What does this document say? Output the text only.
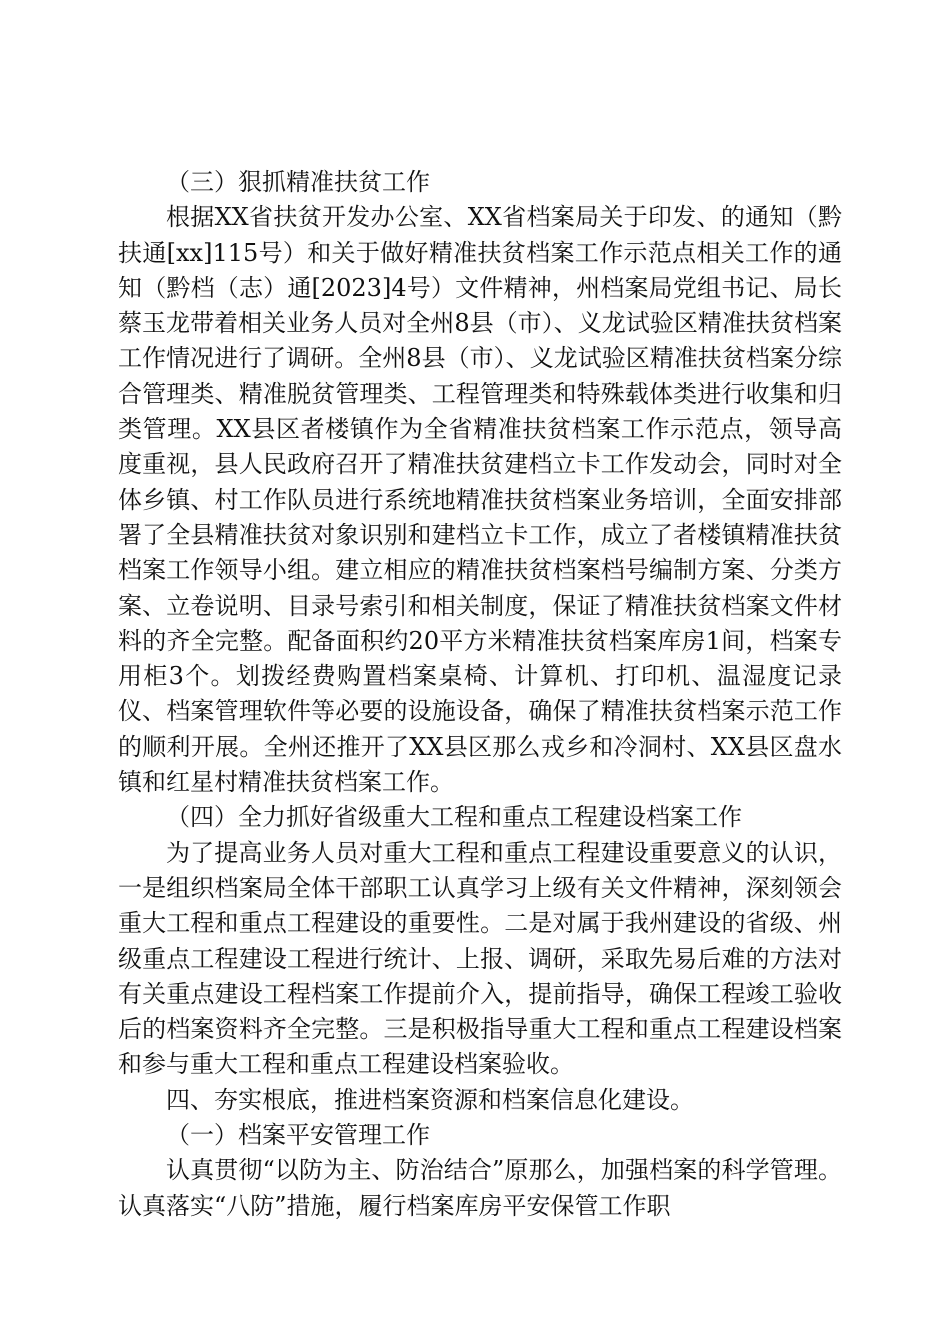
（三）狠抓精准扶贫工作

根据XX省扶贫开发办公室、XX省档案局关于印发、的通知（黔扶通[xx]115号）和关于做好精准扶贫档案工作示范点相关工作的通知（黔档（志）通[2023]4号）文件精神，州档案局党组书记、局长蔡玉龙带着相关业务人员对全州8县（市）、义龙试验区精准扶贫档案工作情况进行了调研。全州8县（市）、义龙试验区精准扶贫档案分综合管理类、精准脱贫管理类、工程管理类和特殊载体类进行收集和归类管理。XX县区者楼镇作为全省精准扶贫档案工作示范点，领导高度重视，县人民政府召开了精准扶贫建档立卡工作发动会，同时对全体乡镇、村工作队员进行系统地精准扶贫档案业务培训，全面安排部署了全县精准扶贫对象识别和建档立卡工作，成立了者楼镇精准扶贫档案工作领导小组。建立相应的精准扶贫档案档号编制方案、分类方案、立卷说明、目录号索引和相关制度，保证了精准扶贫档案文件材料的齐全完整。配备面积约20平方米精准扶贫档案库房1间，档案专用柜3个。划拨经费购置档案桌椅、计算机、打印机、温湿度记录仪、档案管理软件等必要的设施设备，确保了精准扶贫档案示范工作的顺利开展。全州还推开了XX县区那么戎乡和冷洞村、XX县区盘水镇和红星村精准扶贫档案工作。

（四）全力抓好省级重大工程和重点工程建设档案工作

为了提高业务人员对重大工程和重点工程建设重要意义的认识，一是组织档案局全体干部职工认真学习上级有关文件精神，深刻领会重大工程和重点工程建设的重要性。二是对属于我州建设的省级、州级重点工程建设工程进行统计、上报、调研，采取先易后难的方法对有关重点建设工程档案工作提前介入，提前指导，确保工程竣工验收后的档案资料齐全完整。三是积极指导重大工程和重点工程建设档案和参与重大工程和重点工程建设档案验收。

四、夯实根底，推进档案资源和档案信息化建设。

（一）档案平安管理工作

认真贯彻“以防为主、防治结合”原那么，加强档案的科学管理。认真落实“八防”措施，履行档案库房平安保管工作职
